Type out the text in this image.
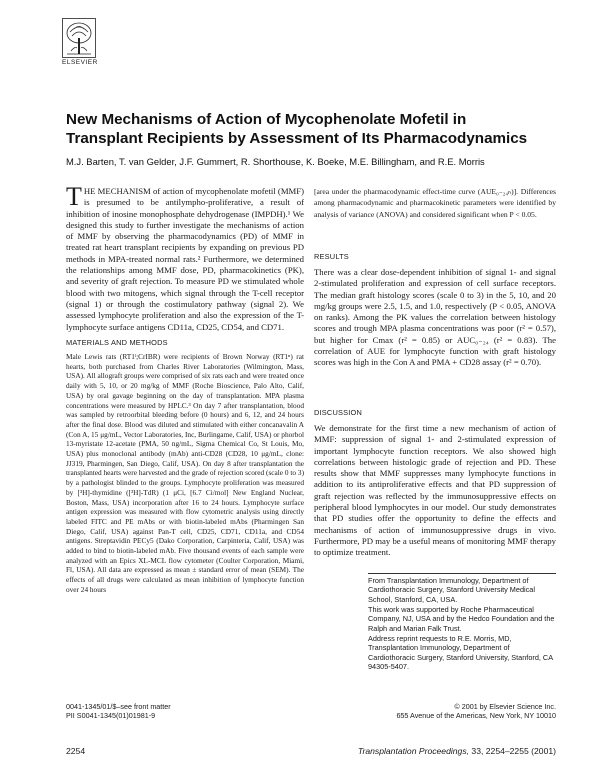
ELSEVIER
New Mechanisms of Action of Mycophenolate Mofetil in Transplant Recipients by Assessment of Its Pharmacodynamics
M.J. Barten, T. van Gelder, J.F. Gummert, R. Shorthouse, K. Boeke, M.E. Billingham, and R.E. Morris
THE MECHANISM of action of mycophenolate mofetil (MMF) is presumed to be antilympho-proliferative, a result of inhibition of inosine monophosphate dehydrogenase (IMPDH).¹ We designed this study to further investigate the mechanisms of action of MMF by observing the pharmacodynamics (PD) of MMF in treated rat heart transplant recipients by expanding on previous PD methods in MPA-treated normal rats.² Furthermore, we determined the relationships among MMF dose, PD, pharmacokinetics (PK), and severity of graft rejection. To measure PD we stimulated whole blood with two mitogens, which signal through the T-cell receptor (signal 1) or through the costimulatory pathway (signal 2). We assessed lymphocyte proliferation and also the expression of the T-lymphocyte surface antigens CD11a, CD25, CD54, and CD71.
MATERIALS AND METHODS
Male Lewis rats (RT1ˡ;CrIBR) were recipients of Brown Norway (RT1ⁿ) rat hearts, both purchased from Charles River Laboratories (Wilmington, Mass, USA). All allograft groups were comprised of six rats each and were treated once daily with 5, 10, or 20 mg/kg of MMF (Roche Bioscience, Palo Alto, Calif, USA) by oral gavage beginning on the day of transplantation. MPA plasma concentrations were measured by HPLC.³ On day 7 after transplantation, blood was sampled by retroorbital bleeding before (0 hours) and 6, 12, and 24 hours after the final dose. Blood was diluted and stimulated with either concanavalin A (Con A, 15 μg/mL, Vector Laboratories, Inc, Burlingame, Calif, USA) or phorbol 13-myristate 12-acetate (PMA, 50 ng/mL, Sigma Chemical Co, St Louis, Mo, USA) plus monoclonal antibody (mAb) anti-CD28 (CD28, 10 μg/mL, clone: JJ319, Pharmingen, San Diego, Calif, USA). On day 8 after transplantation the transplanted hearts were harvested and the grade of rejection scored (scale 0 to 3) by a pathologist blinded to the groups. Lymphocyte proliferation was measured by [³H]-thymidine ([³H]-TdR) (1 μCi, [6.7 Ci/mol] New England Nuclear, Boston, Mass, USA) incorporation after 16 to 24 hours. Lymphocyte surface antigen expression was measured with flow cytometric analysis using directly labeled FITC and PE mAbs or with biotin-labeled mAbs (Pharmingen San Diego, Calif, USA) against Pan-T cell, CD25, CD71, CD11a, and CD54 antigens. Streptavidin PECy5 (Dako Corporation, Carpinteria, Calif, USA) was added to bind to biotin-labeled mAb. Five thousand events of each sample were analyzed with an Epics XL-MCL flow cytometer (Coulter Corporation, Miami, Fl, USA). All data are expressed as mean ± standard error of mean (SEM). The effects of all drugs were calculated as mean inhibition of lymphocyte function over 24 hours
[area under the pharmacodynamic effect-time curve (AUE₀₋₂₄ₕ)]. Differences among pharmacodynamic and pharmacokinetic parameters were identified by analysis of variance (ANOVA) and considered significant when P < 0.05.
RESULTS
There was a clear dose-dependent inhibition of signal 1- and signal 2-stimulated proliferation and expression of cell surface receptors. The median graft histology scores (scale 0 to 3) in the 5, 10, and 20 mg/kg groups were 2.5, 1.5, and 1.0, respectively (P < 0.05, ANOVA on ranks). Among the PK values the correlation between histology scores and trough MPA plasma concentrations was poor (r² = 0.57), but higher for Cmax (r² = 0.85) or AUC₀₋₂₄ (r² = 0.83). The correlation of AUE for lymphocyte function with graft histology scores was high in the Con A and PMA + CD28 assay (r² = 0.70).
DISCUSSION
We demonstrate for the first time a new mechanism of action of MMF: suppression of signal 1- and 2-stimulated expression of important lymphocyte function receptors. We also showed high correlations between histologic grade of rejection and PD. These results show that MMF suppresses many lymphocyte functions in addition to its antiproliferative effects and that PD suppression of graft rejection was reflected by the immunosuppressive effects on peripheral blood lymphocytes in our model. Our study demonstrates that PD studies offer the opportunity to define the effects and mechanisms of action of immunosuppressive drugs in vivo. Furthermore, PD may be a useful means of monitoring MMF therapy to optimize treatment.
From Transplantation Immunology, Department of Cardiothoracic Surgery, Stanford University Medical School, Stanford, CA, USA.
This work was supported by Roche Pharmaceutical Company, NJ, USA and by the Hedco Foundation and the Ralph and Marian Falk Trust.
Address reprint requests to R.E. Morris, MD, Transplantation Immunology, Department of Cardiothoracic Surgery, Stanford University, Stanford, CA 94305-5407.
0041-1345/01/$–see front matter
PII S0041-1345(01)01981-9
© 2001 by Elsevier Science Inc.
655 Avenue of the Americas, New York, NY 10010
2254	Transplantation Proceedings, 33, 2254–2255 (2001)
